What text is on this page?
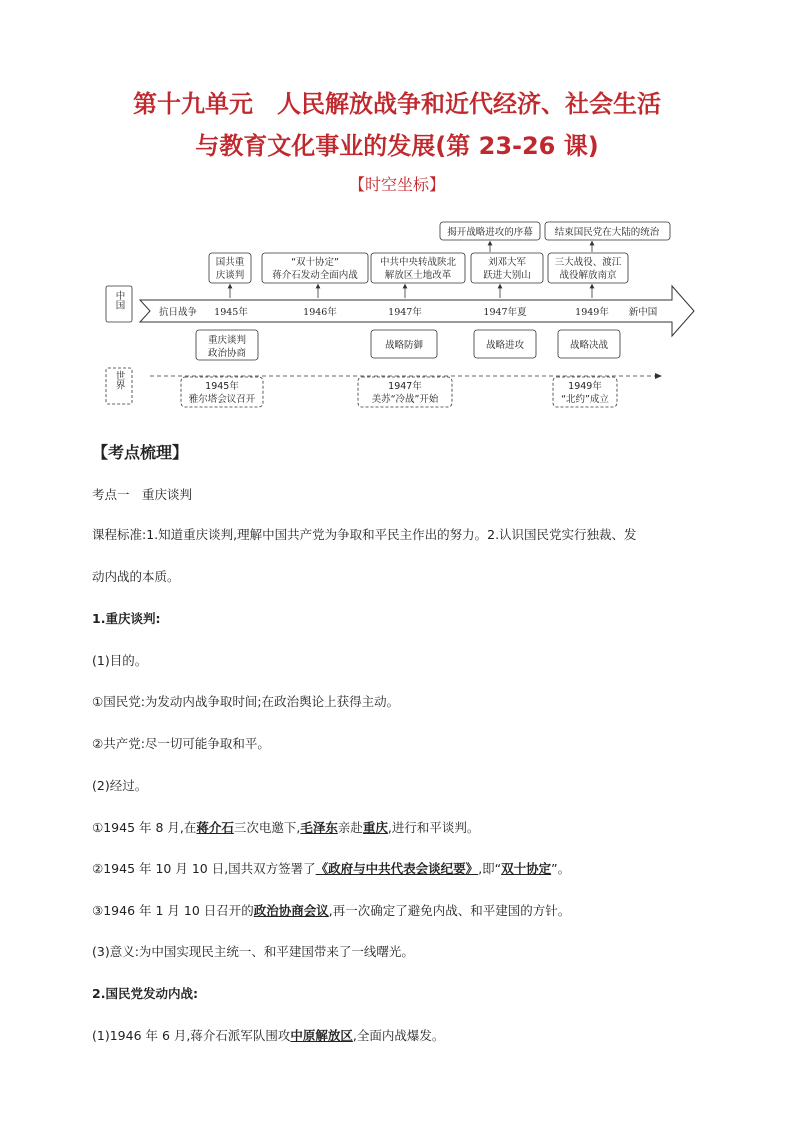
第十九单元　人民解放战争和近代经济、社会生活
与教育文化事业的发展(第 23-26 课)
【时空坐标】
中国
抗日战争 1945年	1946年	1947年	1947年夏	1949年 新中国
国共重
庆谈判
“双十协定”
蒋介石发动全面内战
中共中央转战陕北
解放区土地改革
刘邓大军
跃进大别山
三大战役、渡江
战役解放南京
揭开战略进攻的序幕 结束国民党在大陆的统治
重庆谈判
政治协商
战略防御	战略进攻	战略决战
世界	1945年
雅尔塔会议召开
1947年
美苏“冷战”开始
1949年
“北约”成立
【考点梳理】
考点一　重庆谈判
课程标准:1.知道重庆谈判,理解中国共产党为争取和平民主作出的努力。2.认识国民党实行独裁、发
动内战的本质。
1.重庆谈判:
(1)目的。
①国民党:为发动内战争取时间;在政治舆论上获得主动。
②共产党:尽一切可能争取和平。
(2)经过。
①1945 年 8 月,在蒋介石三次电邀下,毛泽东亲赴重庆,进行和平谈判。
②1945 年 10 月 10 日,国共双方签署了《政府与中共代表会谈纪要》,即“双十协定”。
③1946 年 1 月 10 日召开的政治协商会议,再一次确定了避免内战、和平建国的方针。
(3)意义:为中国实现民主统一、和平建国带来了一线曙光。
2.国民党发动内战:
(1)1946 年 6 月,蒋介石派军队围攻中原解放区,全面内战爆发。
